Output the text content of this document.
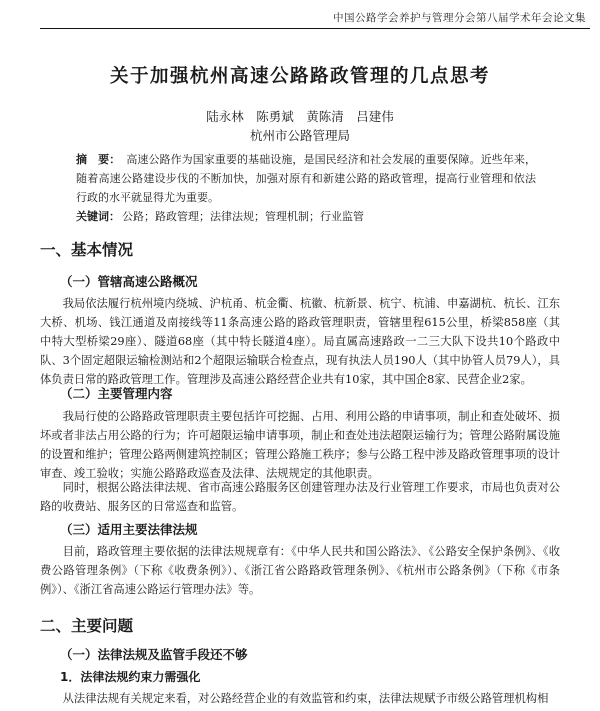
中国公路学会养护与管理分会第八届学术年会论文集
关于加强杭州高速公路路政管理的几点思考
陆永林　陈勇斌　黄陈清　吕建伟
杭州市公路管理局
摘　要： 高速公路作为国家重要的基础设施，是国民经济和社会发展的重要保障。近些年来，随着高速公路建设步伐的不断加快，加强对原有和新建公路的路政管理，提高行业管理和依法行政的水平就显得尤为重要。
关键词： 公路；路政管理；法律法规；管理机制；行业监管
一、基本情况
（一）管辖高速公路概况
我局依法履行杭州境内绕城、沪杭甬、杭金衢、杭徽、杭新景、杭宁、杭浦、申嘉湖杭、杭长、江东大桥、机场、钱江通道及南接线等11条高速公路的路政管理职责，管辖里程615公里，桥梁858座（其中特大型桥梁29座）、隧道68座（其中特长隧道4座）。局直属高速路政一二三大队下设共10个路政中队、3个固定超限运输检测站和2个超限运输联合检查点，现有执法人员190人（其中协管人员79人），具体负责日常的路政管理工作。管理涉及高速公路经营企业共有10家，其中国企8家、民营企业2家。
（二）主要管理内容
我局行使的公路路政管理职责主要包括许可挖掘、占用、利用公路的申请事项，制止和查处破坏、损坏或者非法占用公路的行为；许可超限运输申请事项，制止和查处违法超限运输行为；管理公路附属设施的设置和维护；管理公路两侧建筑控制区；管理公路施工秩序；参与公路工程中涉及路政管理事项的设计审查、竣工验收；实施公路路政巡查及法律、法规规定的其他职责。
同时，根据公路法律法规、省市高速公路服务区创建管理办法及行业管理工作要求，市局也负责对公路的收费站、服务区的日常巡查和监管。
（三）适用主要法律法规
目前，路政管理主要依据的法律法规规章有：《中华人民共和国公路法》、《公路安全保护条例》、《收费公路管理条例》（下称《收费条例》）、《浙江省公路路政管理条例》、《杭州市公路条例》（下称《市条例》）、《浙江省高速公路运行管理办法》等。
二、主要问题
（一）法律法规及监管手段还不够
1．法律法规约束力需强化
从法律法规有关规定来看，对公路经营企业的有效监管和约束，法律法规赋予市级公路管理机构相
